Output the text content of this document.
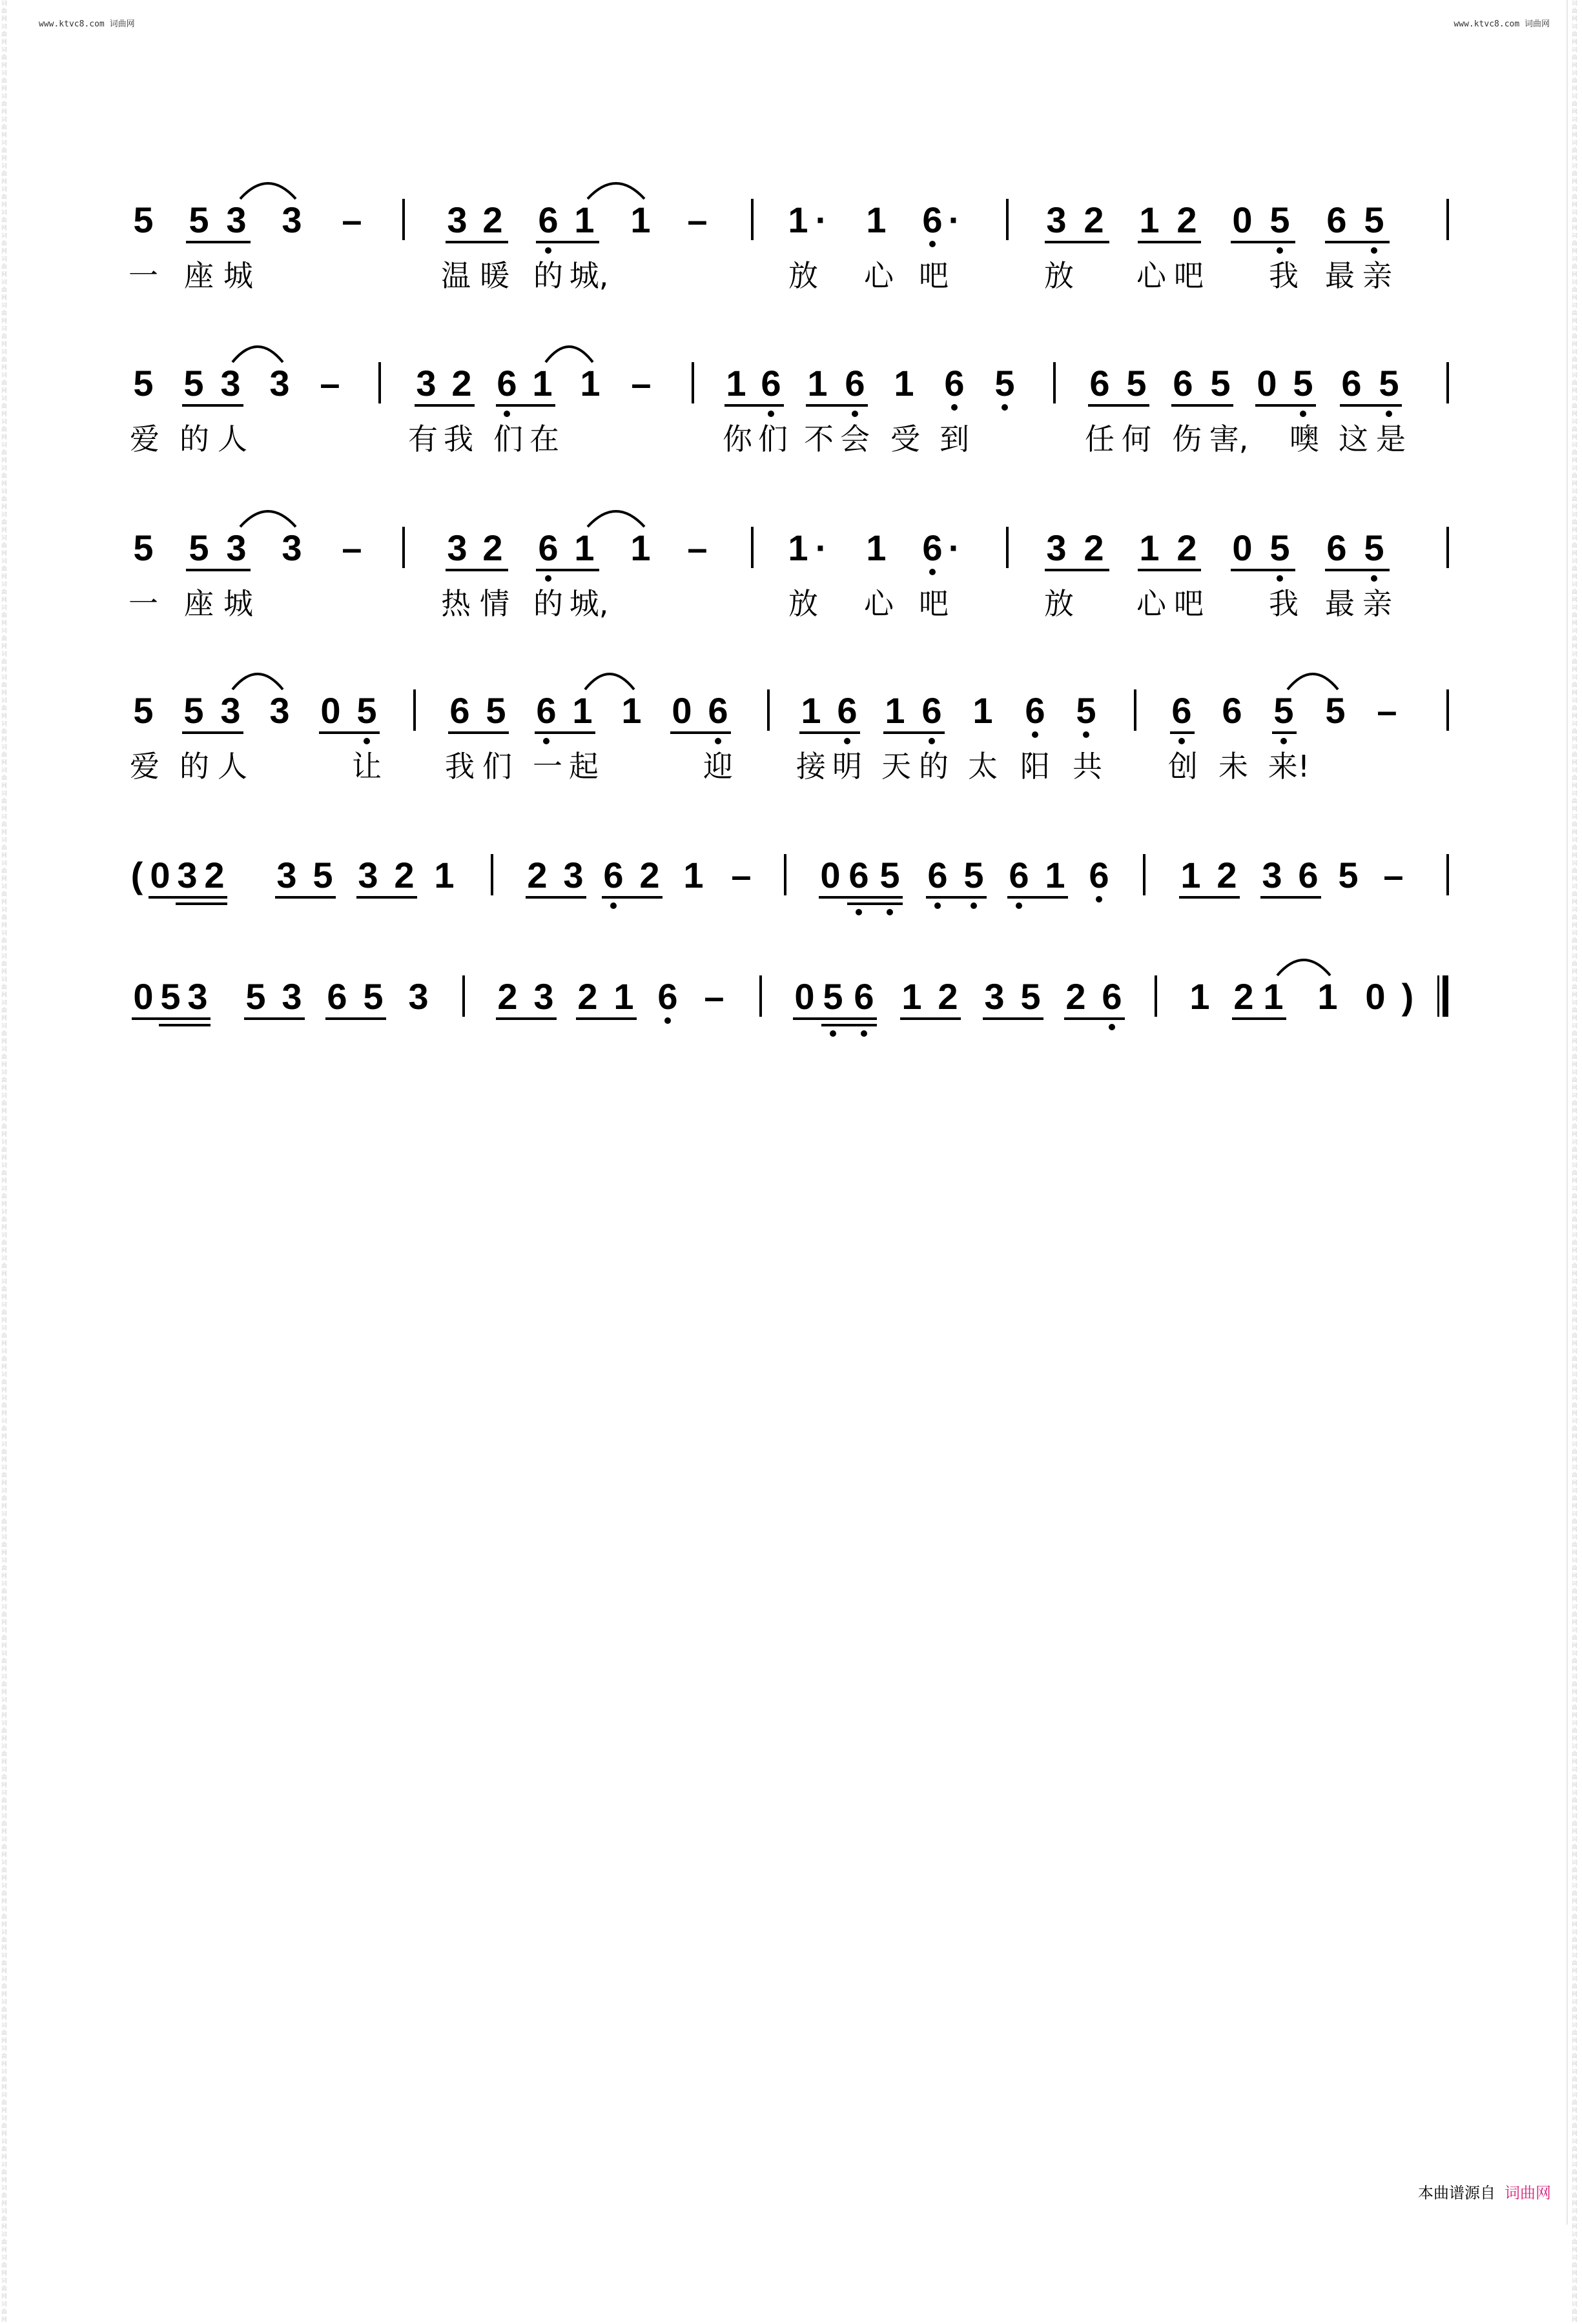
www.ktvc8.com 词曲网	www.ktvc8.com 词曲网
词曲网词曲网词曲网词曲网词曲网词曲网词曲网词曲网词曲网词曲网词曲网词曲网词曲网词曲网词曲网词曲网词曲网词曲网词曲网词曲网词曲网词曲网词曲网词曲网词曲网词曲网词曲网词曲网词曲网词曲网词曲网词曲网词曲网词曲网词曲网词曲网词曲网词曲网词曲网词曲网词曲网词曲网词曲网词曲网词曲网词曲网词曲网词曲网词曲网词曲网词曲网词曲网词曲网词曲网词曲网词曲网词曲网词曲网词曲网词曲网词曲网词曲网词曲网词曲网词曲网词曲网词曲网词曲网词曲网词曲网词曲网词曲网词曲网词曲网词曲网词曲网词曲网词曲网词曲网词曲网词曲网词曲网词曲网词曲网词曲网词曲网词曲网词曲网词曲网词曲网词曲网词曲网词曲网词曲网词曲网词曲网词曲网词曲网词曲网词曲网
词曲网词曲网词曲网词曲网词曲网词曲网词曲网词曲网词曲网词曲网词曲网词曲网词曲网词曲网词曲网词曲网词曲网词曲网词曲网词曲网词曲网词曲网词曲网词曲网词曲网词曲网词曲网词曲网词曲网词曲网词曲网词曲网词曲网词曲网词曲网词曲网词曲网词曲网词曲网词曲网词曲网词曲网词曲网词曲网词曲网词曲网词曲网词曲网词曲网词曲网词曲网词曲网词曲网词曲网词曲网词曲网词曲网词曲网词曲网词曲网词曲网词曲网词曲网词曲网词曲网词曲网词曲网词曲网词曲网词曲网词曲网词曲网词曲网词曲网词曲网词曲网词曲网词曲网词曲网词曲网词曲网词曲网词曲网词曲网词曲网词曲网词曲网词曲网词曲网词曲网词曲网词曲网词曲网词曲网词曲网词曲网词曲网词曲网词曲网词曲网
5 5 3 3 – 3 2 6 1 1 – 1 · 1 6 · 3 2 1 2 0 5 6 5
一 座 城	温 暖 的 城,	放 心 吧	放 心 吧 我 最 亲
5 5 3 3 – 3 2 6 1 1 – 1 6 1 6 1 6 5 6 5 6 5 0 5 6 5
爱 的 人	有 我 们 在	你 们 不 会 受 到	任 何 伤 害, 噢 这 是
5 5 3 3 – 3 2 6 1 1 – 1 · 1 6 · 3 2 1 2 0 5 6 5
一 座 城	热 情 的 城,	放 心 吧	放 心 吧 我 最 亲
5 5 3 3 0 5 6 5 6 1 1 0 6 1 6 1 6 1 6 5 6 6 5 5 –
爱 的 人	让 我 们 一 起	迎 接 明 天 的 太 阳 共 创 未 来!
( 0 3 2 3 5 3 2 1 2 3 6 2 1 – 0 6 5 6 5 6 1 6 1 2 3 6 5 –
0 5 3 5 3 6 5 3 2 3 2 1 6 – 0 5 6 1 2 3 5 2 6 1 2 1 1 0 )
本曲谱源自 词曲网
